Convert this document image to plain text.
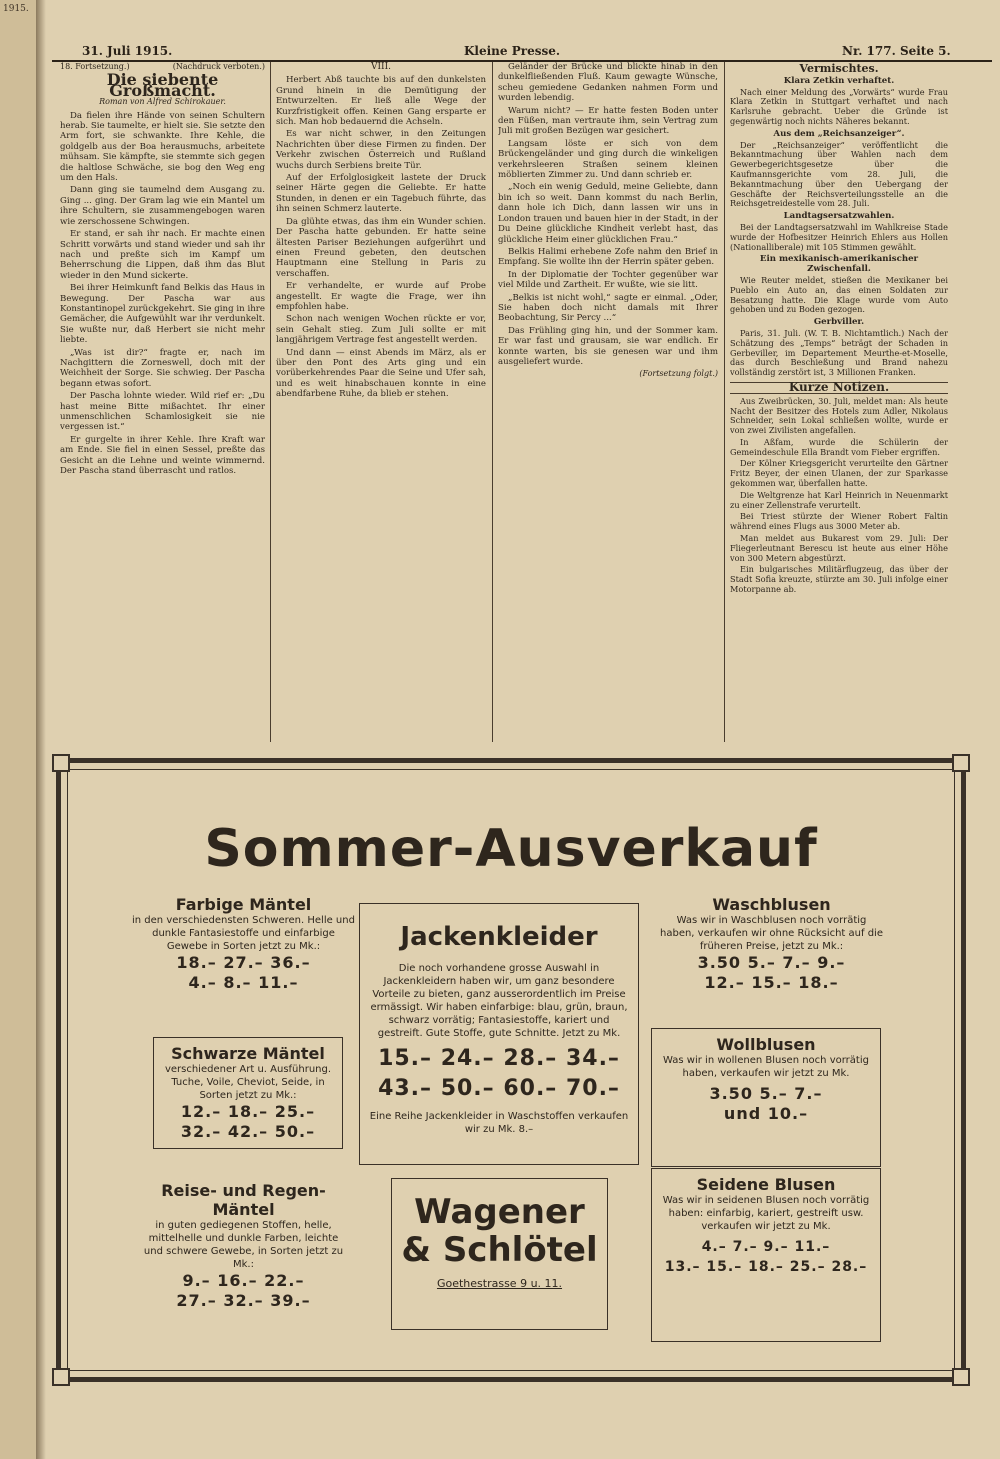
1915.
31. Juli 1915.	Kleine Presse.	Nr. 177. Seite 5.
18. Fortsetzung.)	(Nachdruck verboten.)
Die siebente Großmacht.
Roman von Alfred Schirokauer.

Da fielen ihre Hände von seinen Schultern herab. Sie taumelte, er hielt sie. Sie setzte den Arm fort, sie schwankte. Ihre Kehle, die goldgelb aus der Boa herausmuchs, arbeitete mühsam. Sie kämpfte, sie stemmte sich gegen die haltlose Schwäche, sie bog den Weg eng um den Hals.

Dann ging sie taumelnd dem Ausgang zu. Ging ... ging. Der Gram lag wie ein Mantel um ihre Schultern, sie zusammengebogen waren wie zerschossene Schwingen.

Er stand, er sah ihr nach. Er machte einen Schritt vorwärts und stand wieder und sah ihr nach und preßte sich im Kampf um Beherrschung die Lippen, daß ihm das Blut wieder in den Mund sickerte.

Bei ihrer Heimkunft fand Belkis das Haus in Bewegung. Der Pascha war aus Konstantinopel zurückgekehrt. Sie ging in ihre Gemächer, die Aufgewühlt war ihr verdunkelt. Sie wußte nur, daß Herbert sie nicht mehr liebte.

„Was ist dir?“ fragte er, nach im Nachgittern die Zorneswell, doch mit der Weichheit der Sorge. Sie schwieg. Der Pascha begann etwas sofort.

Der Pascha lohnte wieder. Wild rief er: „Du hast meine Bitte mißachtet. Ihr einer unmenschlichen Schamlosigkeit sie nie vergessen ist.“

Er gurgelte in ihrer Kehle. Ihre Kraft war am Ende. Sie fiel in einen Sessel, preßte das Gesicht an die Lehne und weinte wimmernd. Der Pascha stand überrascht und ratlos.

VIII.

Herbert Abß tauchte bis auf den dunkelsten Grund hinein in die Demütigung der Entwurzelten. Er ließ alle Wege der Kurzfristigkeit offen. Keinen Gang ersparte er sich. Man hob bedauernd die Achseln.

Es war nicht schwer, in den Zeitungen Nachrichten über diese Firmen zu finden. Der Verkehr zwischen Österreich und Rußland wuchs durch Serbiens breite Tür.

Auf der Erfolglosigkeit lastete der Druck seiner Härte gegen die Geliebte. Er hatte Stunden, in denen er ein Tagebuch führte, das ihn seinen Schmerz lauterte.

Da glühte etwas, das ihm ein Wunder schien. Der Pascha hatte gebunden. Er hatte seine ältesten Pariser Beziehungen aufgerührt und einen Freund gebeten, den deutschen Hauptmann eine Stellung in Paris zu verschaffen.

Er verhandelte, er wurde auf Probe angestellt. Er wagte die Frage, wer ihn empfohlen habe.

Schon nach wenigen Wochen rückte er vor, sein Gehalt stieg. Zum Juli sollte er mit langjährigem Vertrage fest angestellt werden.

Und dann — einst Abends im März, als er über den Pont des Arts ging und ein vorüberkehrendes Paar die Seine und Ufer sah, und es weit hinabschauen konnte in eine abendfarbene Ruhe, da blieb er stehen.

Geländer der Brücke und blickte hinab in den dunkelfließenden Fluß. Kaum gewagte Wünsche, scheu gemiedene Gedanken nahmen Form und wurden lebendig.

Warum nicht? — Er hatte festen Boden unter den Füßen, man vertraute ihm, sein Vertrag zum Juli mit großen Bezügen war gesichert.

Langsam löste er sich von dem Brückengeländer und ging durch die winkeligen verkehrsleeren Straßen seinem kleinen möblierten Zimmer zu. Und dann schrieb er.

„Noch ein wenig Geduld, meine Geliebte, dann bin ich so weit. Dann kommst du nach Berlin, dann hole ich Dich, dann lassen wir uns in London trauen und bauen hier in der Stadt, in der Du Deine glückliche Kindheit verlebt hast, das glückliche Heim einer glücklichen Frau.“

Belkis Halimi erhebene Zofe nahm den Brief in Empfang. Sie wollte ihn der Herrin später geben.

In der Diplomatie der Tochter gegenüber war viel Milde und Zartheit. Er wußte, wie sie litt.

„Belkis ist nicht wohl,“ sagte er einmal. „Oder, Sie haben doch nicht damals mit Ihrer Beobachtung, Sir Percy ...“

Das Frühling ging hin, und der Sommer kam. Er war fast und grausam, sie war endlich. Er konnte warten, bis sie genesen war und ihm ausgeliefert wurde.

(Fortsetzung folgt.)
Vermischtes.
Klara Zetkin verhaftet.

Nach einer Meldung des „Vorwärts“ wurde Frau Klara Zetkin in Stuttgart verhaftet und nach Karlsruhe gebracht. Ueber die Gründe ist gegenwärtig noch nichts Näheres bekannt.

Aus dem „Reichsanzeiger“.

Der „Reichsanzeiger“ veröffentlicht die Bekanntmachung über Wahlen nach dem Gewerbegerichtsgesetze über die Kaufmannsgerichte vom 28. Juli, die Bekanntmachung über den Uebergang der Geschäfte der Reichsverteilungsstelle an die Reichsgetreidestelle vom 28. Juli.

Landtagsersatzwahlen.

Bei der Landtagsersatzwahl im Wahlkreise Stade wurde der Hofbesitzer Heinrich Ehlers aus Hollen (Nationalliberale) mit 105 Stimmen gewählt.

Ein mexikanisch-amerikanischer Zwischenfall.

Wie Reuter meldet, stießen die Mexikaner bei Pueblo ein Auto an, das einen Soldaten zur Besatzung hatte. Die Klage wurde vom Auto gehoben und zu Boden gezogen.

Gerbviller.

Paris, 31. Juli. (W. T. B. Nichtamtlich.) Nach der Schätzung des „Temps“ beträgt der Schaden in Gerbeviller, im Departement Meurthe-et-Moselle, das durch Beschießung und Brand nahezu vollständig zerstört ist, 3 Millionen Franken.

Kurze Notizen.

Aus Zweibrücken, 30. Juli, meldet man: Als heute Nacht der Besitzer des Hotels zum Adler, Nikolaus Schneider, sein Lokal schließen wollte, wurde er von zwei Zivilisten angefallen.

In Aßfam, wurde die Schülerin der Gemeindeschule Ella Brandt vom Fieber ergriffen.

Der Kölner Kriegsgericht verurteilte den Gärtner Fritz Beyer, der einen Ulanen, der zur Sparkasse gekommen war, überfallen hatte.

Die Weltgrenze hat Karl Heinrich in Neuenmarkt zu einer Zellenstrafe verurteilt.

Bei Triest stürzte der Wiener Robert Faltin während eines Flugs aus 3000 Meter ab.

Man meldet aus Bukarest vom 29. Juli: Der Fliegerleutnant Berescu ist heute aus einer Höhe von 300 Metern abgestürzt.

Ein bulgarisches Militärflugzeug, das über der Stadt Sofia kreuzte, stürzte am 30. Juli infolge einer Motorpanne ab.

Sommer-Ausverkauf
Farbige Mäntel
in den verschiedensten Schweren. Helle und dunkle Fantasiestoffe und einfarbige Gewebe in Sorten jetzt zu Mk.:
18.– 27.– 36.–
4.– 8.– 11.–
Schwarze Mäntel
verschiedener Art u. Ausführung. Tuche, Voile, Cheviot, Seide, in Sorten jetzt zu Mk.:
12.– 18.– 25.–
32.– 42.– 50.–
Reise- und Regen-Mäntel
in guten gediegenen Stoffen, helle, mittelhelle und dunkle Farben, leichte und schwere Gewebe, in Sorten jetzt zu Mk.:
9.– 16.– 22.–
27.– 32.– 39.–
Jackenkleider
Die noch vorhandene grosse Auswahl in Jackenkleidern haben wir, um ganz besondere Vorteile zu bieten, ganz ausserordentlich im Preise ermässigt. Wir haben einfarbige: blau, grün, braun, schwarz vorrätig; Fantasiestoffe, kariert und gestreift. Gute Stoffe, gute Schnitte. Jetzt zu Mk.
15.– 24.– 28.– 34.–
43.– 50.– 60.– 70.–
Eine Reihe Jackenkleider in Waschstoffen verkaufen wir zu Mk. 8.–
Wagener
& Schlötel
Goethestrasse 9 u. 11.
Waschblusen
Was wir in Waschblusen noch vorrätig haben, verkaufen wir ohne Rücksicht auf die früheren Preise, jetzt zu Mk.:
3.50 5.– 7.– 9.–
12.– 15.– 18.–
Wollblusen
Was wir in wollenen Blusen noch vorrätig haben, verkaufen wir jetzt zu Mk.
3.50 5.– 7.–
und 10.–
Seidene Blusen
Was wir in seidenen Blusen noch vorrätig haben: einfarbig, kariert, gestreift usw. verkaufen wir jetzt zu Mk.
4.– 7.– 9.– 11.–
13.– 15.– 18.– 25.– 28.–
